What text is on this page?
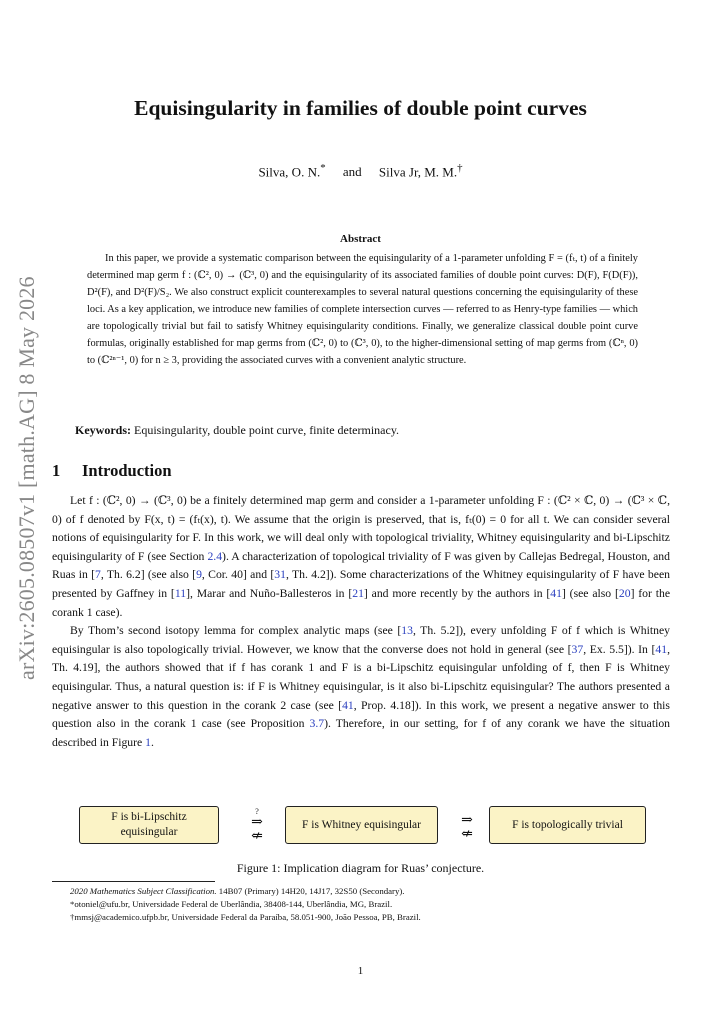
arXiv:2605.08507v1 [math.AG] 8 May 2026
Equisingularity in families of double point curves
Silva, O. N.* and Silva Jr, M. M.†
Abstract

In this paper, we provide a systematic comparison between the equisingularity of a 1-parameter unfolding F = (fₜ, t) of a finitely determined map germ f : (ℂ², 0) → (ℂ³, 0) and the equisingularity of its associated families of double point curves: D(F), F(D(F)), D²(F), and D²(F)/S₂. We also construct explicit counterexamples to several natural questions concerning the equisingularity of these loci. As a key application, we introduce new families of complete intersection curves — referred to as Henry-type families — which are topologically trivial but fail to satisfy Whitney equisingularity conditions. Finally, we generalize classical double point curve formulas, originally established for map germs from (ℂ², 0) to (ℂ³, 0), to the higher-dimensional setting of map germs from (ℂⁿ, 0) to (ℂ²ⁿ⁻¹, 0) for n ≥ 3, providing the associated curves with a convenient analytic structure.

Keywords: Equisingularity, double point curve, finite determinacy.
1 Introduction

Let f : (ℂ², 0) → (ℂ³, 0) be a finitely determined map germ and consider a 1-parameter unfolding F : (ℂ² × ℂ, 0) → (ℂ³ × ℂ, 0) of f denoted by F(x, t) = (fₜ(x), t). We assume that the origin is preserved, that is, fₜ(0) = 0 for all t. We can consider several notions of equisingularity for F. In this work, we will deal only with topological triviality, Whitney equisingularity and bi-Lipschitz equisingularity of F (see Section 2.4). A characterization of topological triviality of F was given by Callejas Bedregal, Houston, and Ruas in [7, Th. 6.2] (see also [9, Cor. 40] and [31, Th. 4.2]). Some characterizations of the Whitney equisingularity of F have been presented by Gaffney in [11], Marar and Nuño-Ballesteros in [21] and more recently by the authors in [41] (see also [20] for the corank 1 case).

By Thom’s second isotopy lemma for complex analytic maps (see [13, Th. 5.2]), every unfolding F of f which is Whitney equisingular is also topologically trivial. However, we know that the converse does not hold in general (see [37, Ex. 5.5]). In [41, Th. 4.19], the authors showed that if f has corank 1 and F is a bi-Lipschitz equisingular unfolding of f, then F is Whitney equisingular. Thus, a natural question is: if F is Whitney equisingular, is it also bi-Lipschitz equisingular? The authors presented a negative answer to this question in the corank 2 case (see [41, Prop. 4.18]). In this work, we present a negative answer to this question also in the corank 1 case (see Proposition 3.7). Therefore, in our setting, for f of any corank we have the situation described in Figure 1.

F is bi-Lipschitz equisingular
?
⇒
⇍
F is Whitney equisingular	⇒
⇍
F is topologically trivial
Figure 1: Implication diagram for Ruas’ conjecture.
2020 Mathematics Subject Classification. 14B07 (Primary) 14H20, 14J17, 32S50 (Secondary).
*otoniel@ufu.br, Universidade Federal de Uberlândia, 38408-144, Uberlândia, MG, Brazil.
†mmsj@academico.ufpb.br, Universidade Federal da Paraíba, 58.051-900, João Pessoa, PB, Brazil.
1
